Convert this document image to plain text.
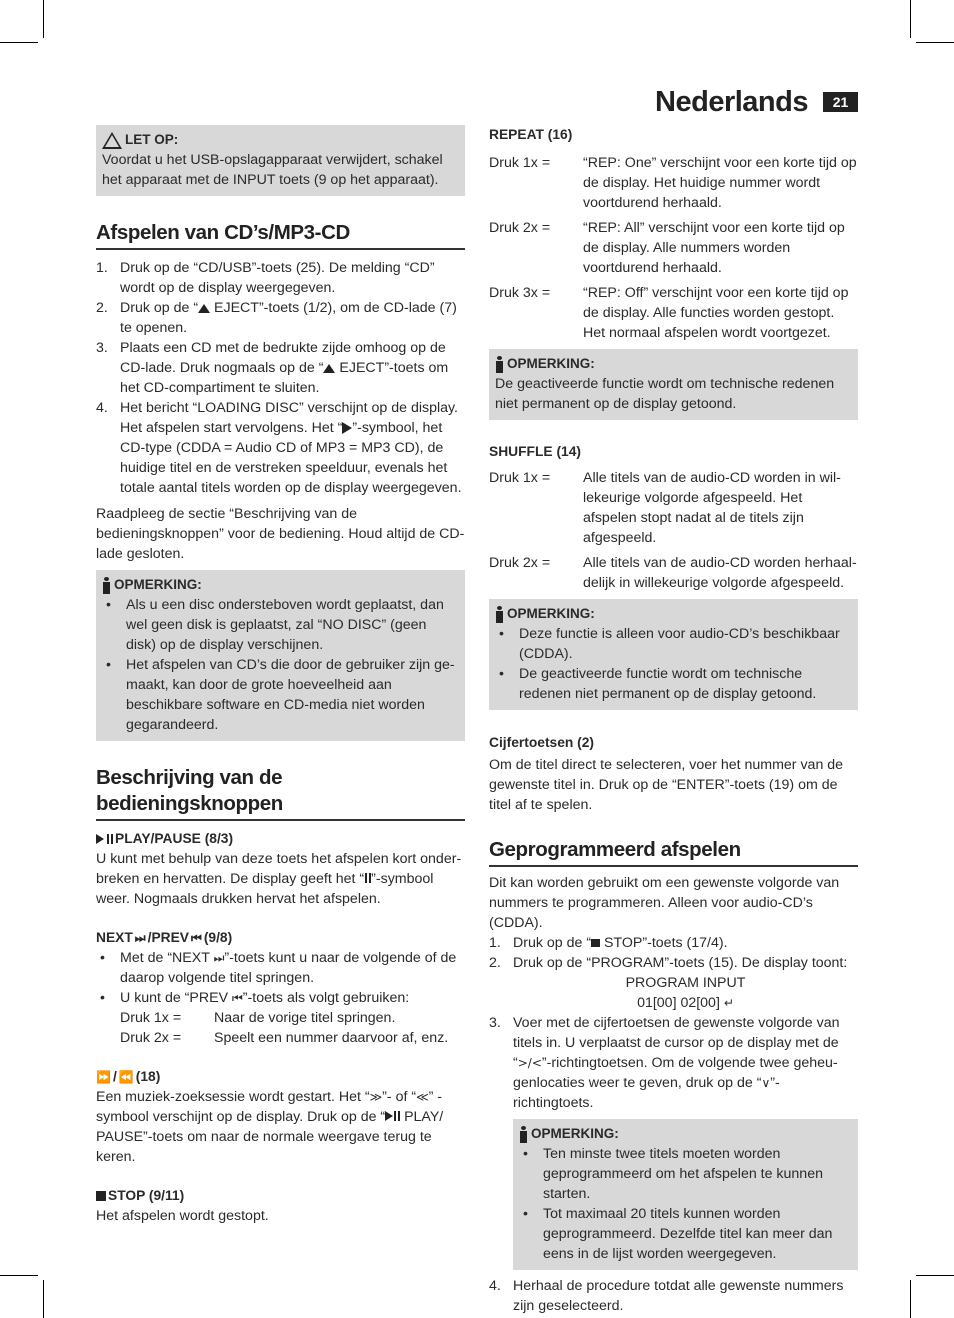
Nederlands	21
LET OP:
Voordat u het USB-opslagapparaat verwijdert, schakel het apparaat met de INPUT toets (9 op het apparaat).
Afspelen van CD’s/MP3-CD
1. Druk op de “CD/USB”-toets (25). De melding “CD” wordt op de display weergegeven.
2. Druk op de “ EJECT”-toets (1/2), om de CD-lade (7) te openen.
3. Plaats een CD met de bedrukte zijde omhoog op de CD-lade. Druk nogmaals op de “ EJECT”-toets om het CD-compartiment te sluiten.
4. Het bericht “LOADING DISC” verschijnt op de display. Het afspelen start vervolgens. Het “ ”-symbool, het CD-type (CDDA = Audio CD of MP3 = MP3 CD), de huidige titel en de verstreken speelduur, evenals het totale aantal titels worden op de display weergegeven.

Raadpleeg de sectie “Beschrijving van de bedieningsknoppen” voor de bediening. Houd altijd de CD-lade gesloten.

OPMERKING:
•	Als u een disc ondersteboven wordt geplaatst, dan wel geen disk is geplaatst, zal “NO DISC” (geen disk) op de display verschijnen.
•	Het afspelen van CD’s die door de gebruiker zijn gemaakt, kan door de grote hoeveelheid aan beschikbare software en CD-media niet worden gegarandeerd.
Beschrijving van de bedieningsknoppen
PLAY/PAUSE (8/3)

U kunt met behulp van deze toets het afspelen kort onderbreken en hervatten. De display geeft het “ ”-symbool weer. Nogmaals drukken hervat het afspelen.

NEXT ⏭ /PREV ⏮ (9/8)
•	Met de “NEXT ⏭”-toets kunt u naar de volgende of de daarop volgende titel springen.
•	U kunt de “PREV ⏮”-toets als volgt gebruiken:
Druk 1x =	Naar de vorige titel springen.
Druk 2x =	Speelt een nummer daarvoor af, enz.
⏩ / ⏪ (18)

Een muziek-zoeksessie wordt gestart. Het “≫”- of “≪” -symbool verschijnt op de display. Druk op de “ PLAY/ PAUSE”-toets om naar de normale weergave terug te keren.

STOP (9/11)

Het afspelen wordt gestopt.

REPEAT (16)
Druk 1x =	“REP: One” verschijnt voor een korte tijd op de display. Het huidige nummer wordt voortdurend herhaald.
Druk 2x =	“REP: All” verschijnt voor een korte tijd op de display. Alle nummers worden voortdurend herhaald.
Druk 3x =	“REP: Off” verschijnt voor een korte tijd op de display. Alle functies worden gestopt. Het normaal afspelen wordt voortgezet.
OPMERKING:
De geactiveerde functie wordt om technische redenen niet permanent op de display getoond.
SHUFFLE (14)
Druk 1x =	Alle titels van de audio-CD worden in willekeurige volgorde afgespeeld. Het afspelen stopt nadat al de titels zijn afgespeeld.
Druk 2x =	Alle titels van de audio-CD worden herhaaldelijk in willekeurige volgorde afgespeeld.
OPMERKING:
•	Deze functie is alleen voor audio-CD’s beschikbaar (CDDA).
•	De geactiveerde functie wordt om technische redenen niet permanent op de display getoond.
Cijfertoetsen (2)

Om de titel direct te selecteren, voer het nummer van de gewenste titel in. Druk op de “ENTER”-toets (19) om de titel af te spelen.

Geprogrammeerd afspelen

Dit kan worden gebruikt om een gewenste volgorde van nummers te programmeren. Alleen voor audio-CD’s (CDDA).

1. Druk op de “ STOP”-toets (17/4).
2. Druk op de “PROGRAM”-toets (15). De display toont:
PROGRAM INPUT
01[00] 02[00] ↵
3. Voer met de cijfertoetsen de gewenste volgorde van titels in. U verplaatst de cursor op de display met de “>/<”-richtingtoetsen. Om de volgende twee geheugenlocaties weer te geven, druk op de “∨”-richtingtoets.
OPMERKING:
•	Ten minste twee titels moeten worden geprogrammeerd om het afspelen te kunnen starten.
•	Tot maximaal 20 titels kunnen worden geprogrammeerd. Dezelfde titel kan meer dan eens in de lijst worden weergegeven.
4. Herhaal de procedure totdat alle gewenste nummers zijn geselecteerd.
